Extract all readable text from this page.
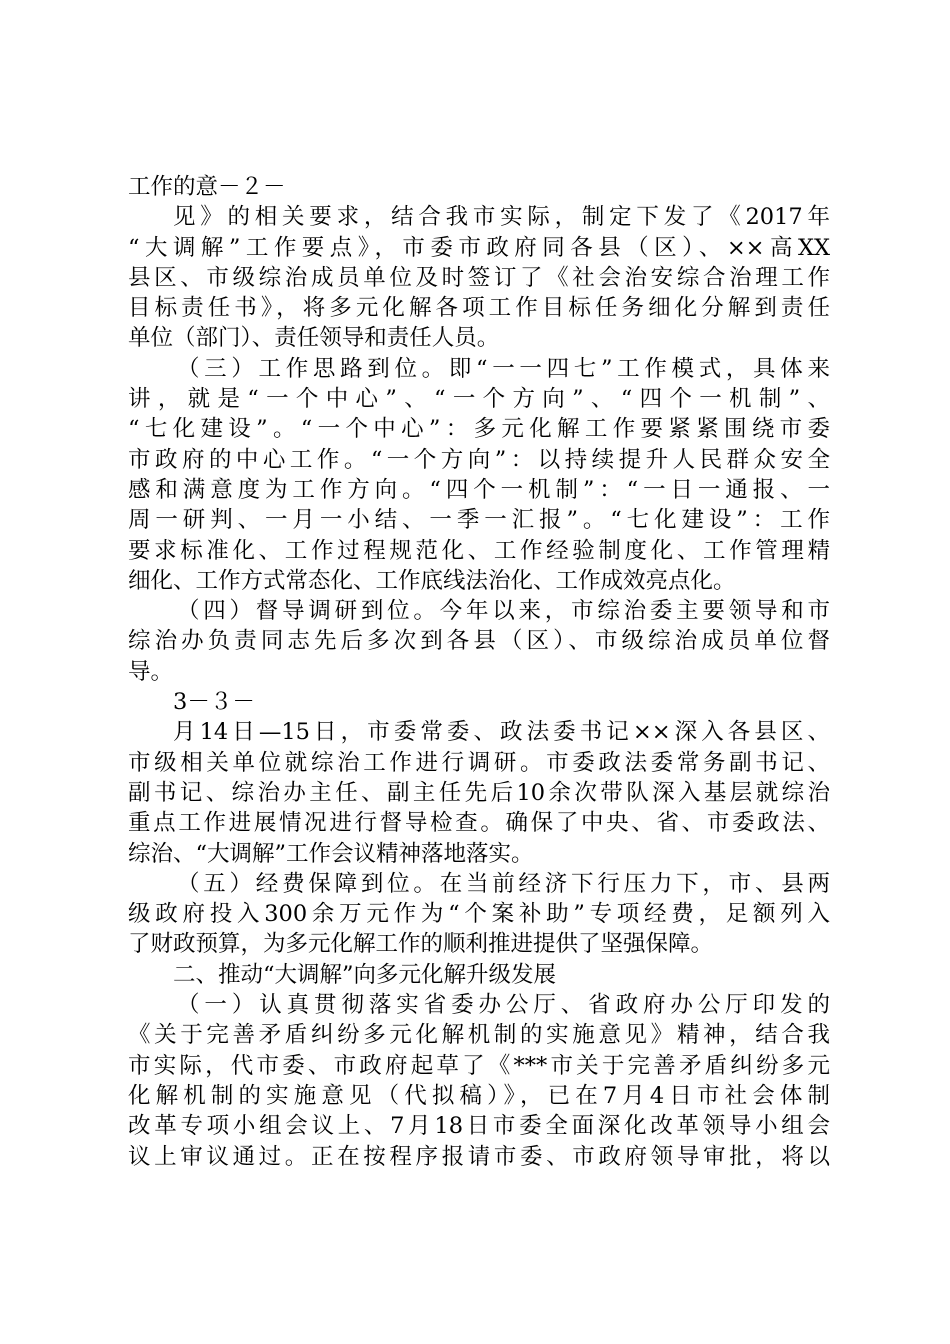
工作的意－２－

见》的相关要求，结合我市实际，制定下发了《2017年

“大调解”工作要点》，市委市政府同各县（区）、××高XX

县区、市级综治成员单位及时签订了《社会治安综合治理工作

目标责任书》，将多元化解各项工作目标任务细化分解到责任

单位（部门）、责任领导和责任人员。

（三）工作思路到位。即“一一四七”工作模式，具体来

讲，就是“一个中心”、“一个方向”、“四个一机制”、

“七化建设”。“一个中心”：多元化解工作要紧紧围绕市委

市政府的中心工作。“一个方向”：以持续提升人民群众安全

感和满意度为工作方向。“四个一机制”：“一日一通报、一

周一研判、一月一小结、一季一汇报”。“七化建设”：工作

要求标准化、工作过程规范化、工作经验制度化、工作管理精

细化、工作方式常态化、工作底线法治化、工作成效亮点化。

（四）督导调研到位。今年以来，市综治委主要领导和市

综治办负责同志先后多次到各县（区）、市级综治成员单位督

导。

3－３－

月14日—15日，市委常委、政法委书记××深入各县区、

市级相关单位就综治工作进行调研。市委政法委常务副书记、

副书记、综治办主任、副主任先后10余次带队深入基层就综治

重点工作进展情况进行督导检查。确保了中央、省、市委政法、

综治、“大调解”工作会议精神落地落实。

（五）经费保障到位。在当前经济下行压力下，市、县两

级政府投入300余万元作为“个案补助”专项经费，足额列入

了财政预算，为多元化解工作的顺利推进提供了坚强保障。

二、推动“大调解”向多元化解升级发展

（一）认真贯彻落实省委办公厅、省政府办公厅印发的

《关于完善矛盾纠纷多元化解机制的实施意见》精神，结合我

市实际，代市委、市政府起草了《***市关于完善矛盾纠纷多元

化解机制的实施意见（代拟稿）》，已在7月4日市社会体制

改革专项小组会议上、7月18日市委全面深化改革领导小组会

议上审议通过。正在按程序报请市委、市政府领导审批，将以
